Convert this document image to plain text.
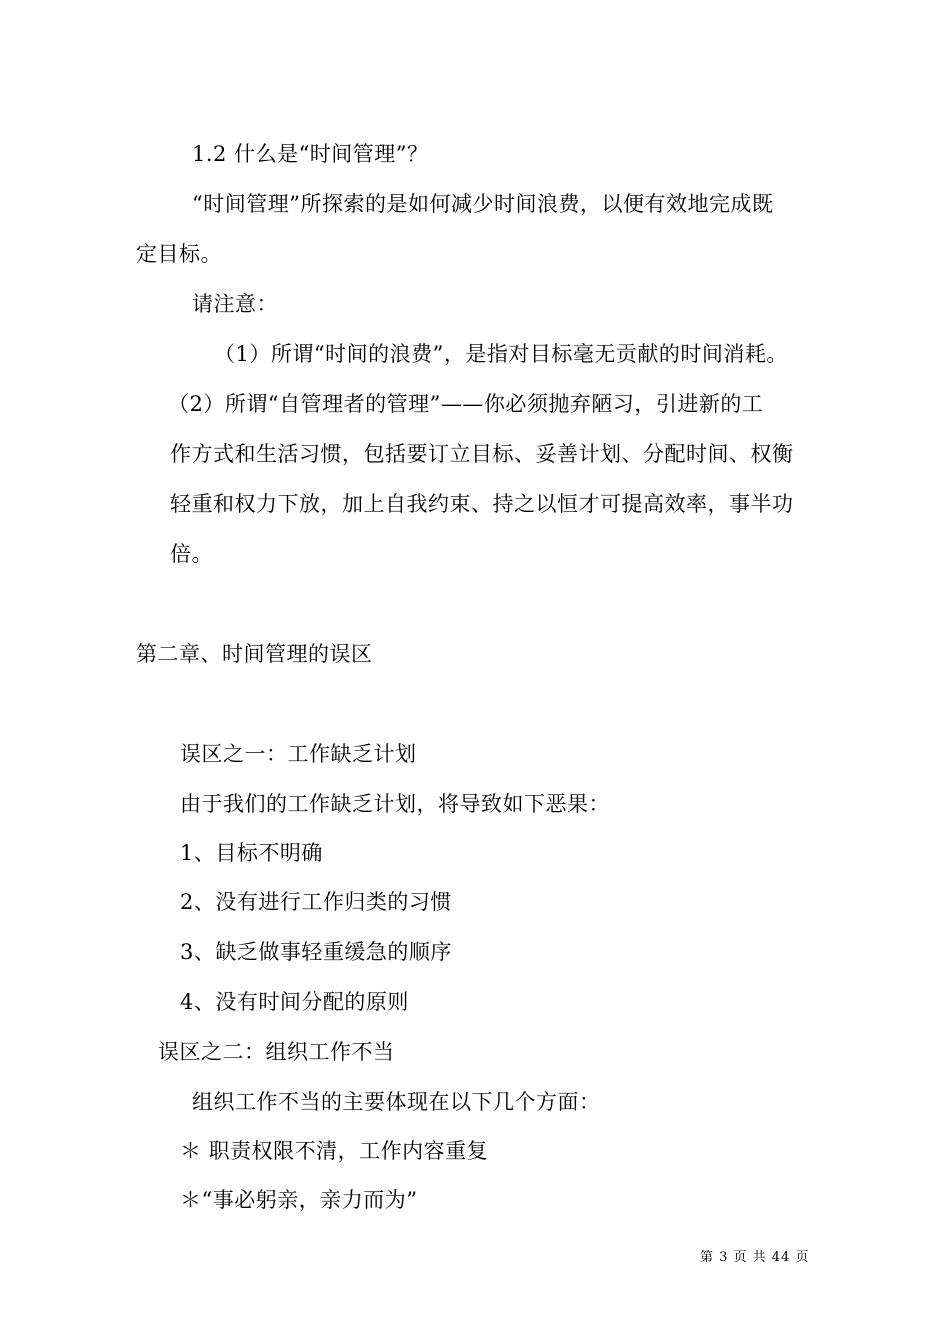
1.2 什么是“时间管理”？
“时间管理”所探索的是如何减少时间浪费，以便有效地完成既
定目标。
请注意：
（1）所谓“时间的浪费”，是指对目标毫无贡献的时间消耗。
（2）所谓“自管理者的管理”——你必须抛弃陋习，引进新的工
作方式和生活习惯，包括要订立目标、妥善计划、分配时间、权衡
轻重和权力下放，加上自我约束、持之以恒才可提高效率，事半功
倍。
第二章、时间管理的误区
误区之一：工作缺乏计划
由于我们的工作缺乏计划，将导致如下恶果：
1、目标不明确
2、没有进行工作归类的习惯
3、缺乏做事轻重缓急的顺序
4、没有时间分配的原则
误区之二：组织工作不当
组织工作不当的主要体现在以下几个方面：
＊ 职责权限不清，工作内容重复
＊“事必躬亲，亲力而为”
第 3 页 共 44 页
